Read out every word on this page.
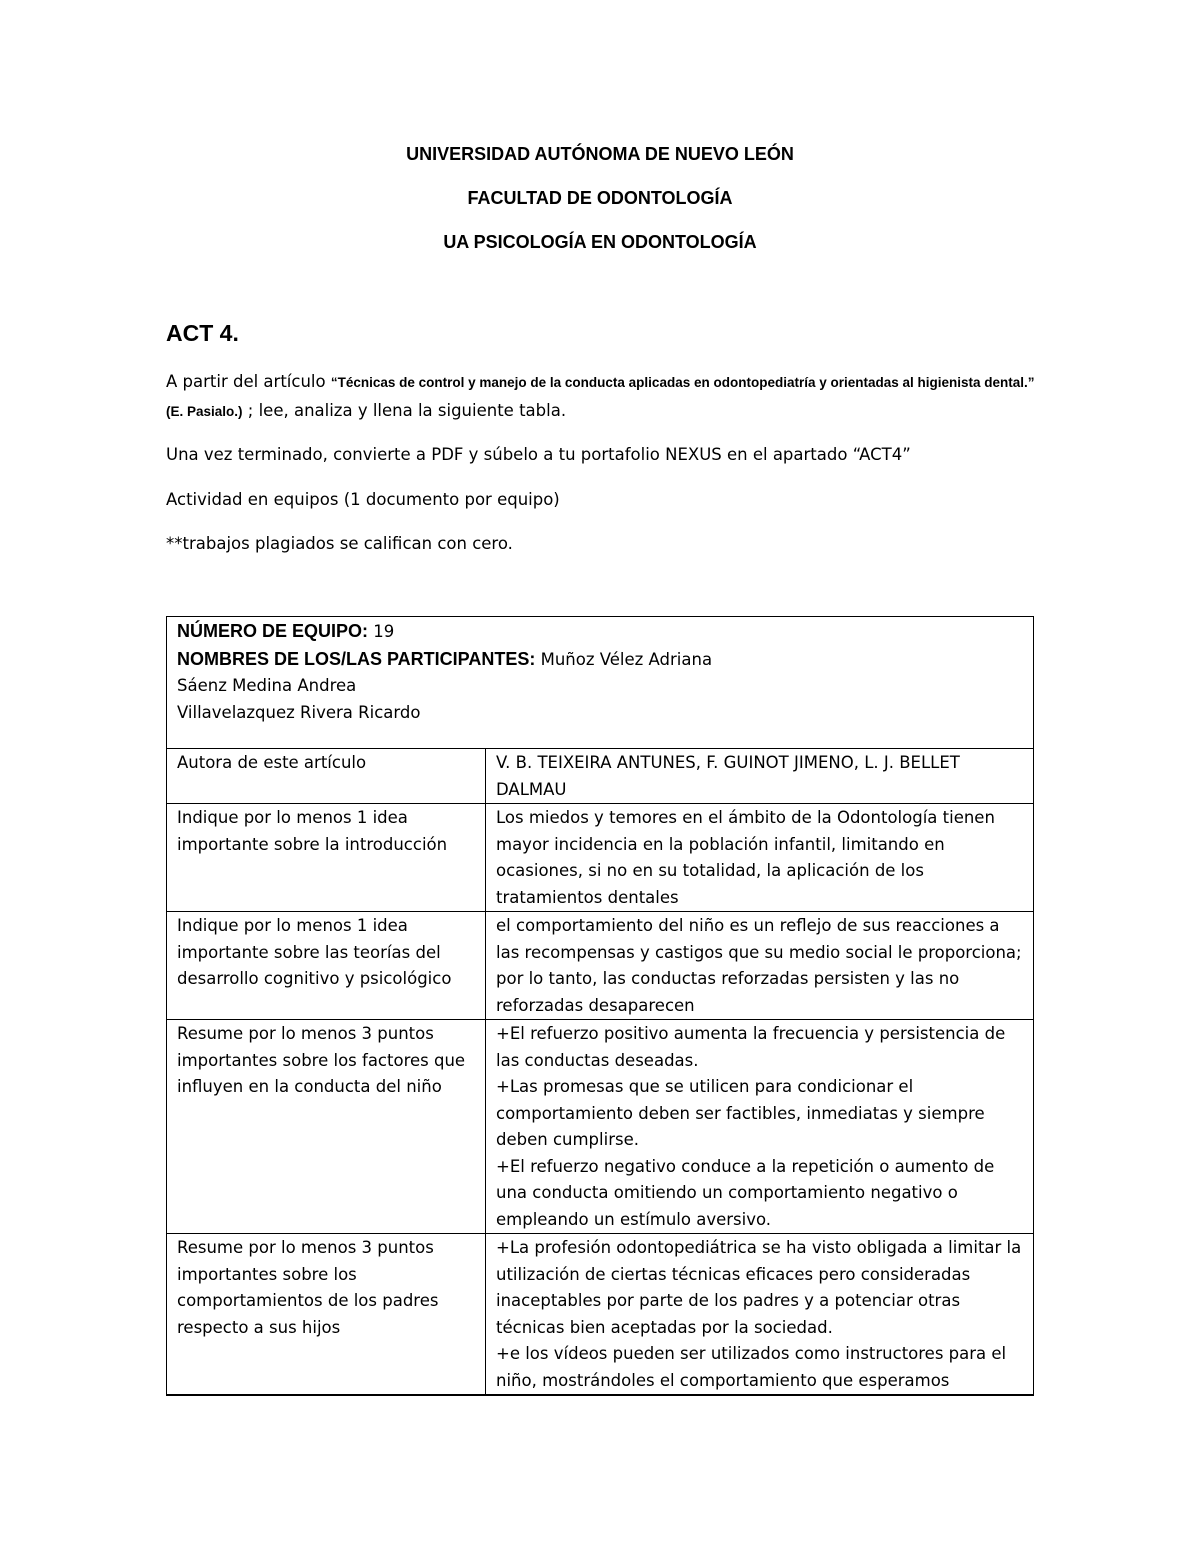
UNIVERSIDAD AUTÓNOMA DE NUEVO LEÓN
FACULTAD DE ODONTOLOGÍA
UA PSICOLOGÍA EN ODONTOLOGÍA
ACT 4.
A partir del artículo “Técnicas de control y manejo de la conducta aplicadas en odontopediatría y orientadas al higienista dental.” (E. Pasialo.) ; lee, analiza y llena la siguiente tabla.
Una vez terminado, convierte a PDF y súbelo a tu portafolio NEXUS en el apartado “ACT4”
Actividad en equipos (1 documento por equipo)
**trabajos plagiados se califican con cero.
NÚMERO DE EQUIPO: 19
NOMBRES DE LOS/LAS PARTICIPANTES: Muñoz Vélez Adriana
Sáenz Medina Andrea
Villavelazquez Rivera Ricardo	

Autora de este artículo	V. B. TEIXEIRA ANTUNES, F. GUINOT JIMENO, L. J. BELLET DALMAU

Indique por lo menos 1 idea importante sobre la introducción	Los miedos y temores en el ámbito de la Odontología tienen mayor incidencia en la población infantil, limitando en ocasiones, si no en su totalidad, la aplicación de los tratamientos dentales

Indique por lo menos 1 idea importante sobre las teorías del desarrollo cognitivo y psicológico	el comportamiento del niño es un reflejo de sus reacciones a las recompensas y castigos que su medio social le proporciona; por lo tanto, las conductas reforzadas persisten y las no reforzadas desaparecen

Resume por lo menos 3 puntos importantes sobre los factores que influyen en la conducta del niño	+El refuerzo positivo aumenta la frecuencia y persistencia de las conductas deseadas.
+Las promesas que se utilicen para condicionar el comportamiento deben ser factibles, inmediatas y siempre deben cumplirse.
+El refuerzo negativo conduce a la repetición o aumento de una conducta omitiendo un comportamiento negativo o empleando un estímulo aversivo.

Resume por lo menos 3 puntos importantes sobre los comportamientos de los padres respecto a sus hijos	+La profesión odontopediátrica se ha visto obligada a limitar la utilización de ciertas técnicas eficaces pero consideradas inaceptables por parte de los padres y a potenciar otras técnicas bien aceptadas por la sociedad.
+e los vídeos pueden ser utilizados como instructores para el niño, mostrándoles el comportamiento que esperamos
